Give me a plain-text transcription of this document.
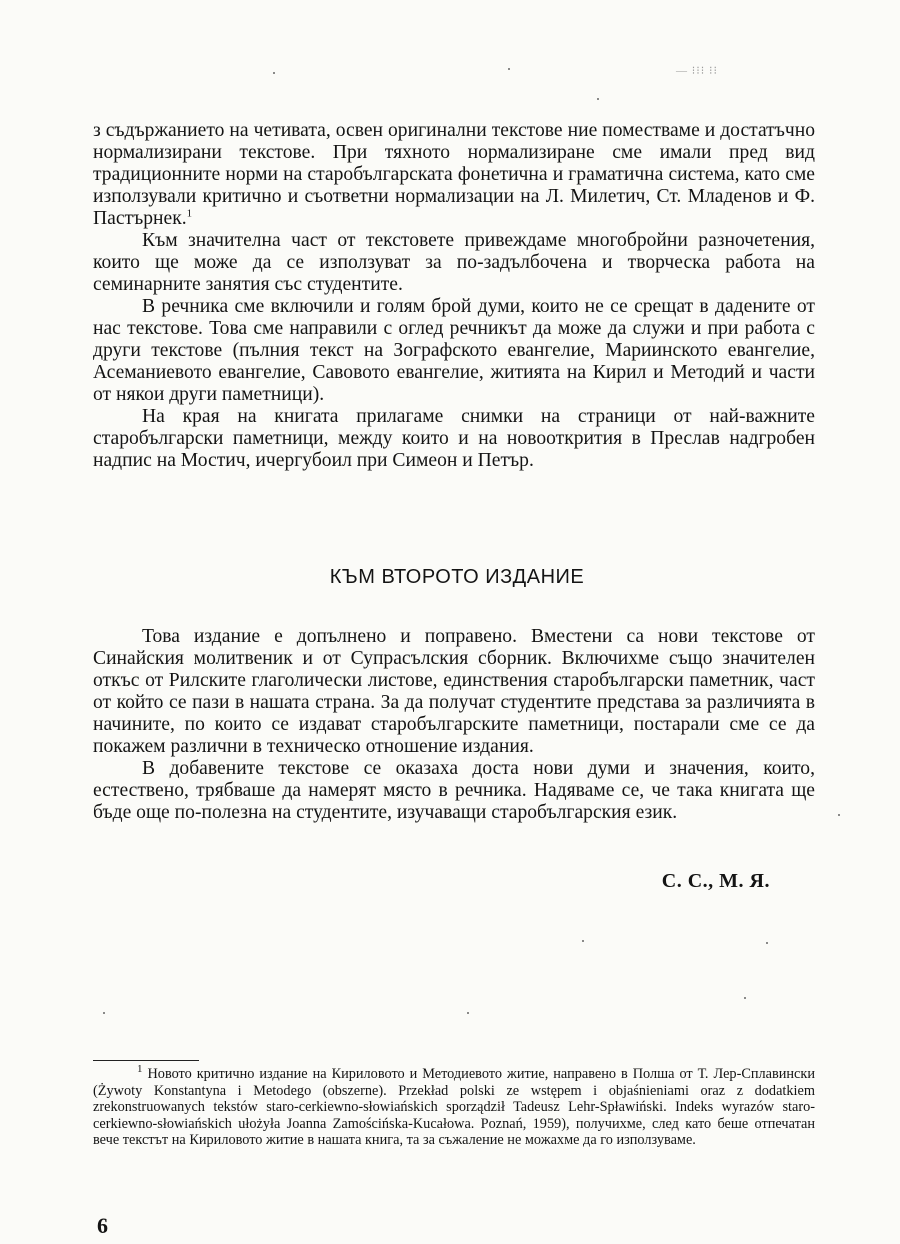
— ⁝⁝⁝ ⁝⁝

з съдържанието на четивата, освен оригинални текстове ние поместваме и достатъчно нормализирани текстове. При тяхното нормализиране сме имали пред вид традиционните норми на старобългарската фонетична и граматична система, като сме използували критично и съответни нормализации на Л. Милетич, Ст. Младенов и Ф. Пастърнек.$^1$

Към значителна част от текстовете привеждаме многобройни разночетения, които ще може да се използуват за по-задълбочена и творческа работа на семинарните занятия със студентите.

В речника сме включили и голям брой думи, които не се срещат в дадените от нас текстове. Това сме направили с оглед речникът да може да служи и при работа с други текстове (пълния текст на Зографското евангелие, Мариинското евангелие, Асеманиевото евангелие, Савовото евангелие, житията на Кирил и Методий и части от някои други паметници).

На края на книгата прилагаме снимки на страници от най-важните старобългарски паметници, между които и на новооткрития в Преслав надгробен надпис на Мостич, ичергубоил при Симеон и Петър.

КЪМ ВТОРОТО ИЗДАНИЕ

Това издание е допълнено и поправено. Вместени са нови текстове от Синайския молитвеник и от Супрасълския сборник. Включихме също значителен откъс от Рилските глаголически листове, единствения старобългарски паметник, част от който се пази в нашата страна. За да получат студентите представа за различията в начините, по които се издават старобългарските паметници, постарали сме се да покажем различни в техническо отношение издания.

В добавените текстове се оказаха доста нови думи и значения, които, естествено, трябваше да намерят място в речника. Надяваме се, че така книгата ще бъде още по-полезна на студентите, изучаващи старобългарския език.

С. С., М. Я.

$^1$ Новото критично издание на Кириловото и Методиевото житие, направено в Полша от Т. Лер-Сплавински (Żywoty Konstantyna i Metodego (obszerne). Przekład polski ze wstępem i objaśnieniami oraz z dodatkiem zrekonstruowanych tekstów staro-cerkiewno-słowiańskich sporządził Tadeusz Lehr-Spławiński. Indeks wyrazów starocerkiewno-słowiańskich ułożyła Joanna Zamościńska-Kucałowa. Poznań, 1959), получихме, след като беше отпечатан вече текстът на Кириловото житие в нашата книга, та за съжаление не можахме да го използуваме.

6
